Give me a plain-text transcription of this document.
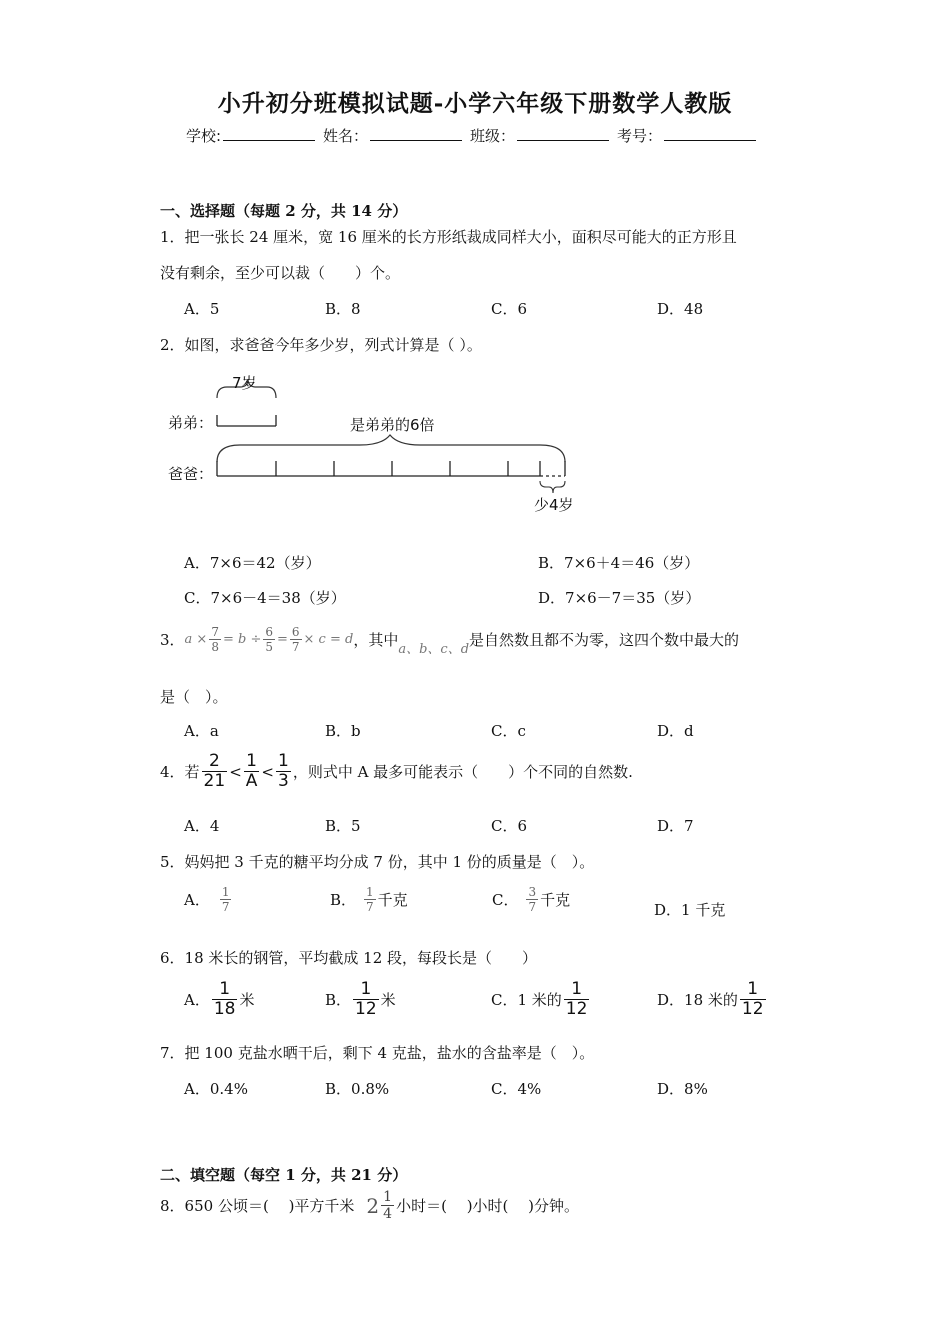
小升初分班模拟试题-小学六年级下册数学人教版
学校:	姓名：	班级：	考号：
一、选择题（每题 2 分，共 14 分）
1．把一张长 24 厘米，宽 16 厘米的长方形纸裁成同样大小，面积尽可能大的正方形且
没有剩余，至少可以裁（　　）个。
A．5	B．8	C．6	D．48
2．如图，求爸爸今年多少岁，列式计算是（ ）。
7岁
弟弟：	是弟弟的6倍
爸爸：
少4岁
A．7×6＝42（岁）	B．7×6＋4＝46（岁）
C．7×6－4＝38（岁）	D．7×6－7＝35（岁）
3． $a \times \frac{7}{8} = b \div \frac{6}{5} = \frac{6}{7} \times c = d$ ，其中
a、b、c、d
是自然数且都不为零，这四个数中最大的
是（　）。
A．a	B．b	C．c	D．d
4．若 $\frac{2}{21} < \frac{1}{A} < \frac{1}{3}$ ，则式中 A 最多可能表示（　　）个不同的自然数.
A．4	B．5	C．6	D．7
5．妈妈把 3 千克的糖平均分成 7 份，其中 1 份的质量是（　）。
A． $\frac{1}{7}$	B． $\frac{1}{7}$ 千克	C． $\frac{3}{7}$ 千克
D．1 千克
6．18 米长的钢管，平均截成 12 段，每段长是（　　）
A． $\frac{1}{18}$ 米	B． $\frac{1}{12}$ 米	C．1 米的 $\frac{1}{12}$	D．18 米的 $\frac{1}{12}$
7．把 100 克盐水晒干后，剩下 4 克盐，盐水的含盐率是（　）。
A．0.4%	B．0.8%	C．4%	D．8%
二、填空题（每空 1 分，共 21 分）
8．650 公顷＝(　 )平方千米 $2 \frac{1}{4}$ 小时＝(　 )小时(　 )分钟。
